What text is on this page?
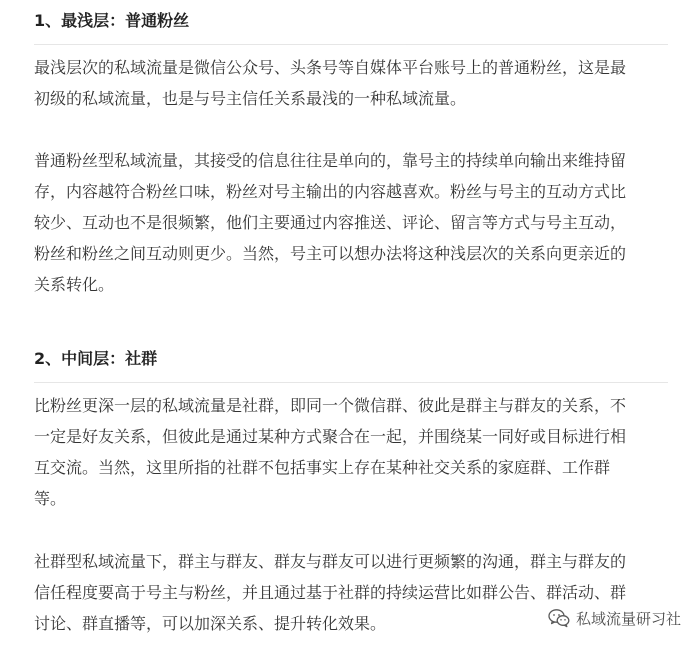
1、最浅层：普通粉丝

最浅层次的私域流量是微信公众号、头条号等自媒体平台账号上的普通粉丝，这是最
初级的私域流量，也是与号主信任关系最浅的一种私域流量。

普通粉丝型私域流量，其接受的信息往往是单向的，靠号主的持续单向输出来维持留
存，内容越符合粉丝口味，粉丝对号主输出的内容越喜欢。粉丝与号主的互动方式比
较少、互动也不是很频繁，他们主要通过内容推送、评论、留言等方式与号主互动，
粉丝和粉丝之间互动则更少。当然，号主可以想办法将这种浅层次的关系向更亲近的
关系转化。

2、中间层：社群

比粉丝更深一层的私域流量是社群，即同一个微信群、彼此是群主与群友的关系，不
一定是好友关系，但彼此是通过某种方式聚合在一起，并围绕某一同好或目标进行相
互交流。当然，这里所指的社群不包括事实上存在某种社交关系的家庭群、工作群
等。

社群型私域流量下，群主与群友、群友与群友可以进行更频繁的沟通，群主与群友的
信任程度要高于号主与粉丝，并且通过基于社群的持续运营比如群公告、群活动、群
讨论、群直播等，可以加深关系、提升转化效果。	私域流量研习社
